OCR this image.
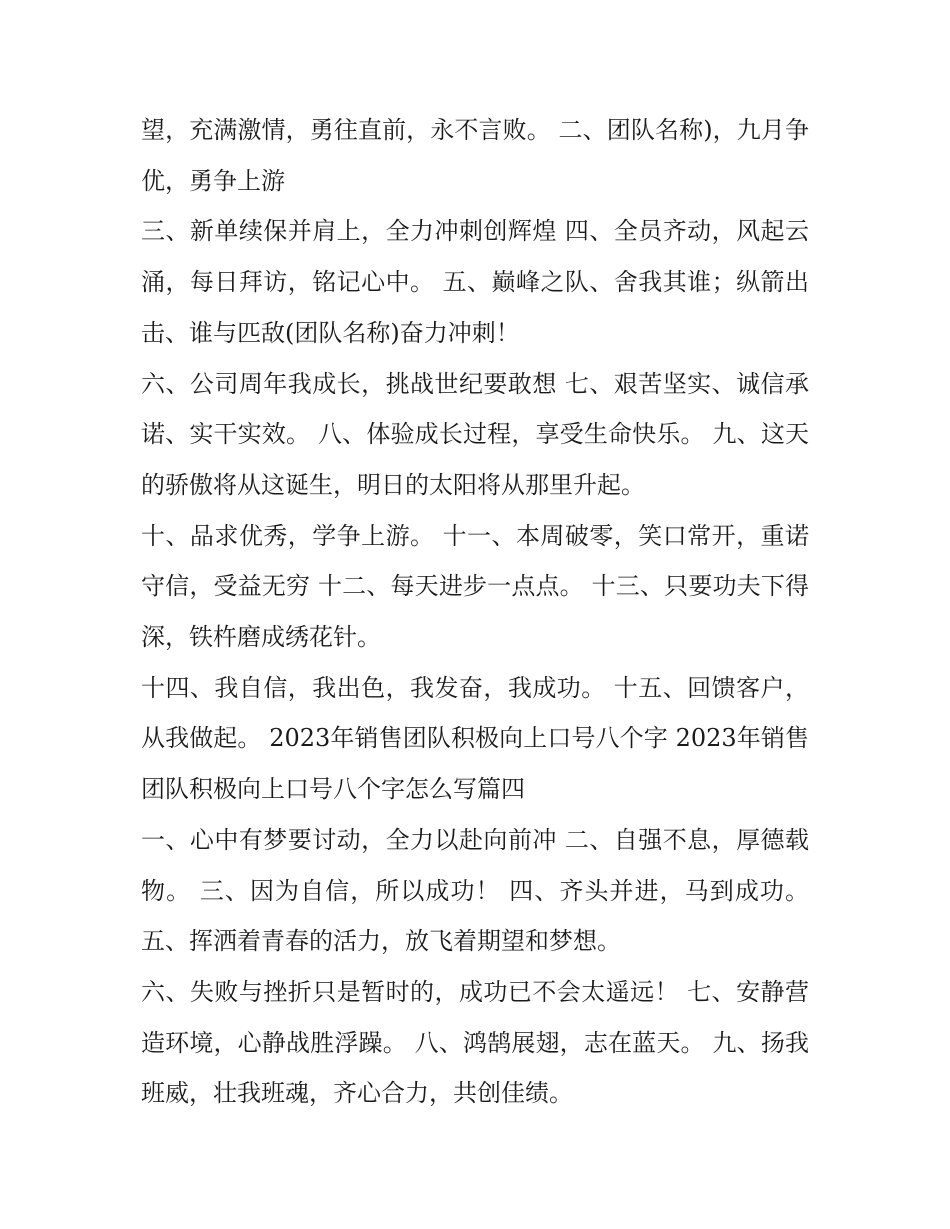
望，充满激情，勇往直前，永不言败。 二、团队名称)，九月争优，勇争上游

三、新单续保并肩上，全力冲刺创辉煌 四、全员齐动，风起云涌，每日拜访，铭记心中。 五、巅峰之队、舍我其谁；纵箭出击、谁与匹敌(团队名称)奋力冲刺！

六、公司周年我成长，挑战世纪要敢想 七、艰苦坚实、诚信承诺、实干实效。 八、体验成长过程，享受生命快乐。 九、这天的骄傲将从这诞生，明日的太阳将从那里升起。

十、品求优秀，学争上游。 十一、本周破零，笑口常开，重诺守信，受益无穷 十二、每天进步一点点。 十三、只要功夫下得深，铁杵磨成绣花针。

十四、我自信，我出色，我发奋，我成功。 十五、回馈客户，从我做起。 2023年销售团队积极向上口号八个字 2023年销售团队积极向上口号八个字怎么写篇四

一、心中有梦要讨动，全力以赴向前冲 二、自强不息，厚德载物。 三、因为自信，所以成功！ 四、齐头并进，马到成功。 五、挥洒着青春的活力，放飞着期望和梦想。

六、失败与挫折只是暂时的，成功已不会太遥远！ 七、安静营造环境，心静战胜浮躁。 八、鸿鹄展翅，志在蓝天。 九、扬我班威，壮我班魂，齐心合力，共创佳绩。
